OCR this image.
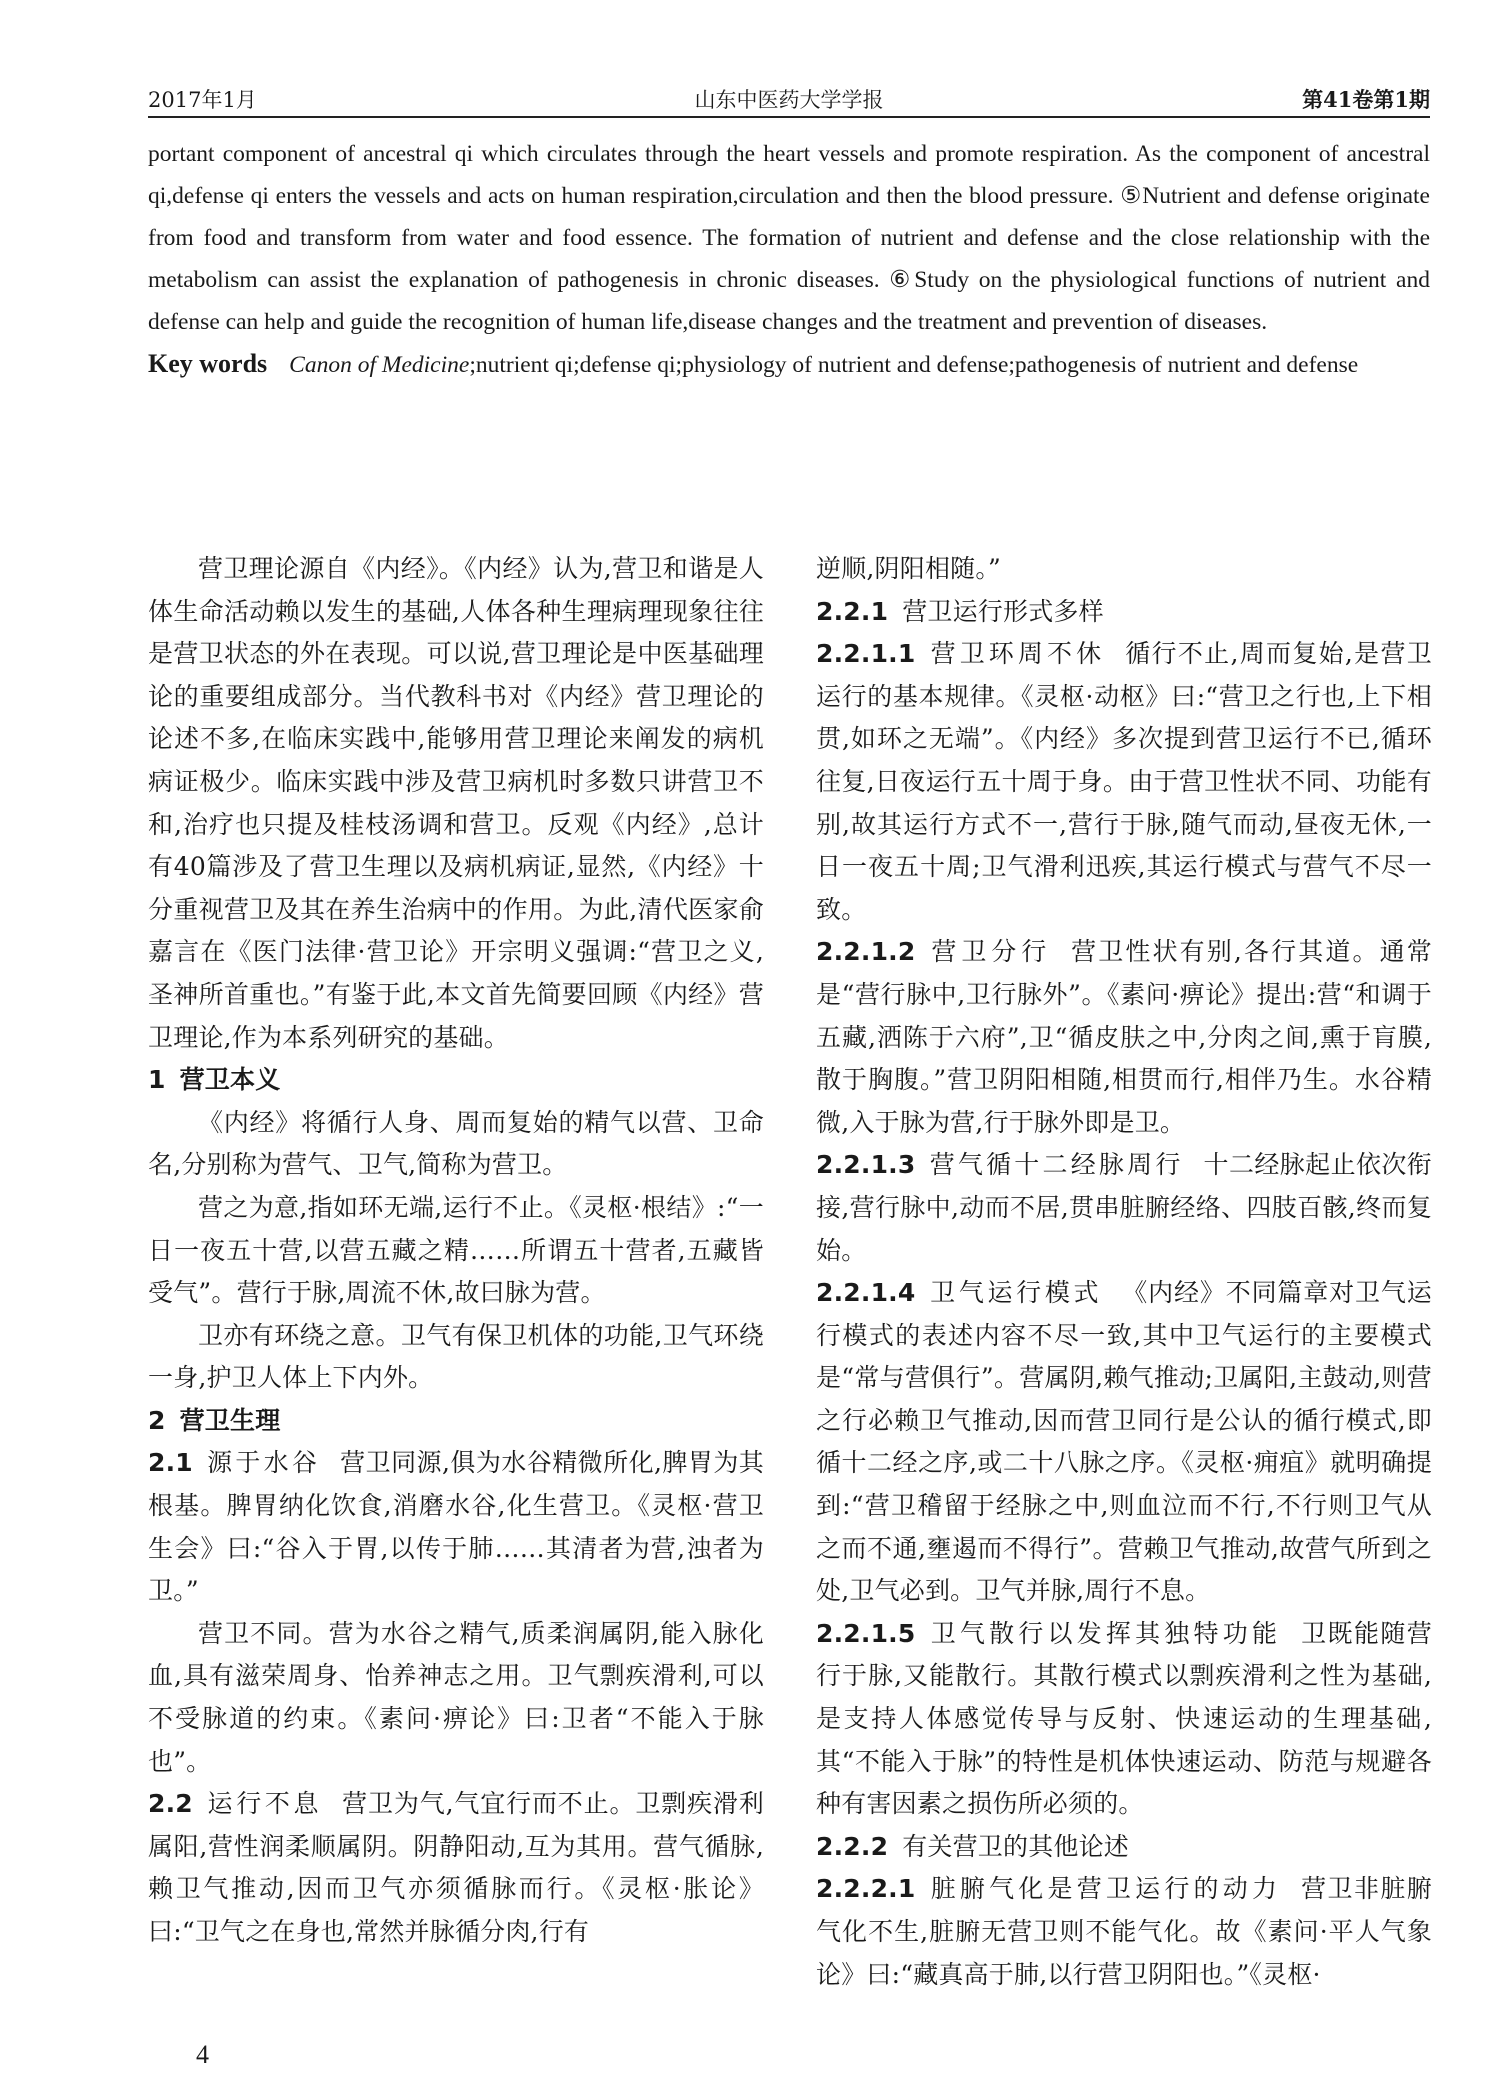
2017年1月	山东中医药大学学报	第41卷第1期

portant component of ancestral qi which circulates through the heart vessels and promote respiration. As the component of ancestral qi,defense qi enters the vessels and acts on human respiration,circulation and then the blood pressure. ⑤Nutrient and defense originate from food and transform from water and food essence. The formation of nutrient and defense and the close relationship with the metabolism can assist the explanation of pathogenesis in chronic diseases. ⑥Study on the physiological functions of nutrient and defense can help and guide the recognition of human life,disease changes and the treatment and prevention of diseases.

Key words Canon of Medicine;nutrient qi;defense qi;physiology of nutrient and defense;pathogenesis of nutrient and defense

营卫理论源自《内经》。《内经》认为,营卫和谐是人体生命活动赖以发生的基础,人体各种生理病理现象往往是营卫状态的外在表现。可以说,营卫理论是中医基础理论的重要组成部分。当代教科书对《内经》营卫理论的论述不多,在临床实践中,能够用营卫理论来阐发的病机病证极少。临床实践中涉及营卫病机时多数只讲营卫不和,治疗也只提及桂枝汤调和营卫。反观《内经》,总计有40篇涉及了营卫生理以及病机病证,显然,《内经》十分重视营卫及其在养生治病中的作用。为此,清代医家俞嘉言在《医门法律·营卫论》开宗明义强调:“营卫之义,圣神所首重也。”有鉴于此,本文首先简要回顾《内经》营卫理论,作为本系列研究的基础。

1 营卫本义

《内经》将循行人身、周而复始的精气以营、卫命名,分别称为营气、卫气,简称为营卫。

营之为意,指如环无端,运行不止。《灵枢·根结》:“一日一夜五十营,以营五藏之精……所谓五十营者,五藏皆受气”。营行于脉,周流不休,故曰脉为营。

卫亦有环绕之意。卫气有保卫机体的功能,卫气环绕一身,护卫人体上下内外。

2 营卫生理

2.1 源于水谷 营卫同源,俱为水谷精微所化,脾胃为其根基。脾胃纳化饮食,消磨水谷,化生营卫。《灵枢·营卫生会》曰:“谷入于胃,以传于肺……其清者为营,浊者为卫。”

营卫不同。营为水谷之精气,质柔润属阴,能入脉化血,具有滋荣周身、怡养神志之用。卫气剽疾滑利,可以不受脉道的约束。《素问·痹论》曰:卫者“不能入于脉也”。

2.2 运行不息 营卫为气,气宜行而不止。卫剽疾滑利属阳,营性润柔顺属阴。阴静阳动,互为其用。营气循脉,赖卫气推动,因而卫气亦须循脉而行。《灵枢·胀论》曰:“卫气之在身也,常然并脉循分肉,行有

逆顺,阴阳相随。”

2.2.1 营卫运行形式多样

2.2.1.1 营卫环周不休 循行不止,周而复始,是营卫运行的基本规律。《灵枢·动枢》曰:“营卫之行也,上下相贯,如环之无端”。《内经》多次提到营卫运行不已,循环往复,日夜运行五十周于身。由于营卫性状不同、功能有别,故其运行方式不一,营行于脉,随气而动,昼夜无休,一日一夜五十周;卫气滑利迅疾,其运行模式与营气不尽一致。

2.2.1.2 营卫分行 营卫性状有别,各行其道。通常是“营行脉中,卫行脉外”。《素问·痹论》提出:营“和调于五藏,洒陈于六府”,卫“循皮肤之中,分肉之间,熏于肓膜,散于胸腹。”营卫阴阳相随,相贯而行,相伴乃生。水谷精微,入于脉为营,行于脉外即是卫。

2.2.1.3 营气循十二经脉周行 十二经脉起止依次衔接,营行脉中,动而不居,贯串脏腑经络、四肢百骸,终而复始。

2.2.1.4 卫气运行模式 《内经》不同篇章对卫气运行模式的表述内容不尽一致,其中卫气运行的主要模式是“常与营俱行”。营属阴,赖气推动;卫属阳,主鼓动,则营之行必赖卫气推动,因而营卫同行是公认的循行模式,即循十二经之序,或二十八脉之序。《灵枢·痈疽》就明确提到:“营卫稽留于经脉之中,则血泣而不行,不行则卫气从之而不通,壅遏而不得行”。营赖卫气推动,故营气所到之处,卫气必到。卫气并脉,周行不息。

2.2.1.5 卫气散行以发挥其独特功能 卫既能随营行于脉,又能散行。其散行模式以剽疾滑利之性为基础,是支持人体感觉传导与反射、快速运动的生理基础,其“不能入于脉”的特性是机体快速运动、防范与规避各种有害因素之损伤所必须的。

2.2.2 有关营卫的其他论述

2.2.2.1 脏腑气化是营卫运行的动力 营卫非脏腑气化不生,脏腑无营卫则不能气化。故《素问·平人气象论》曰:“藏真高于肺,以行营卫阴阳也。”《灵枢·

4
